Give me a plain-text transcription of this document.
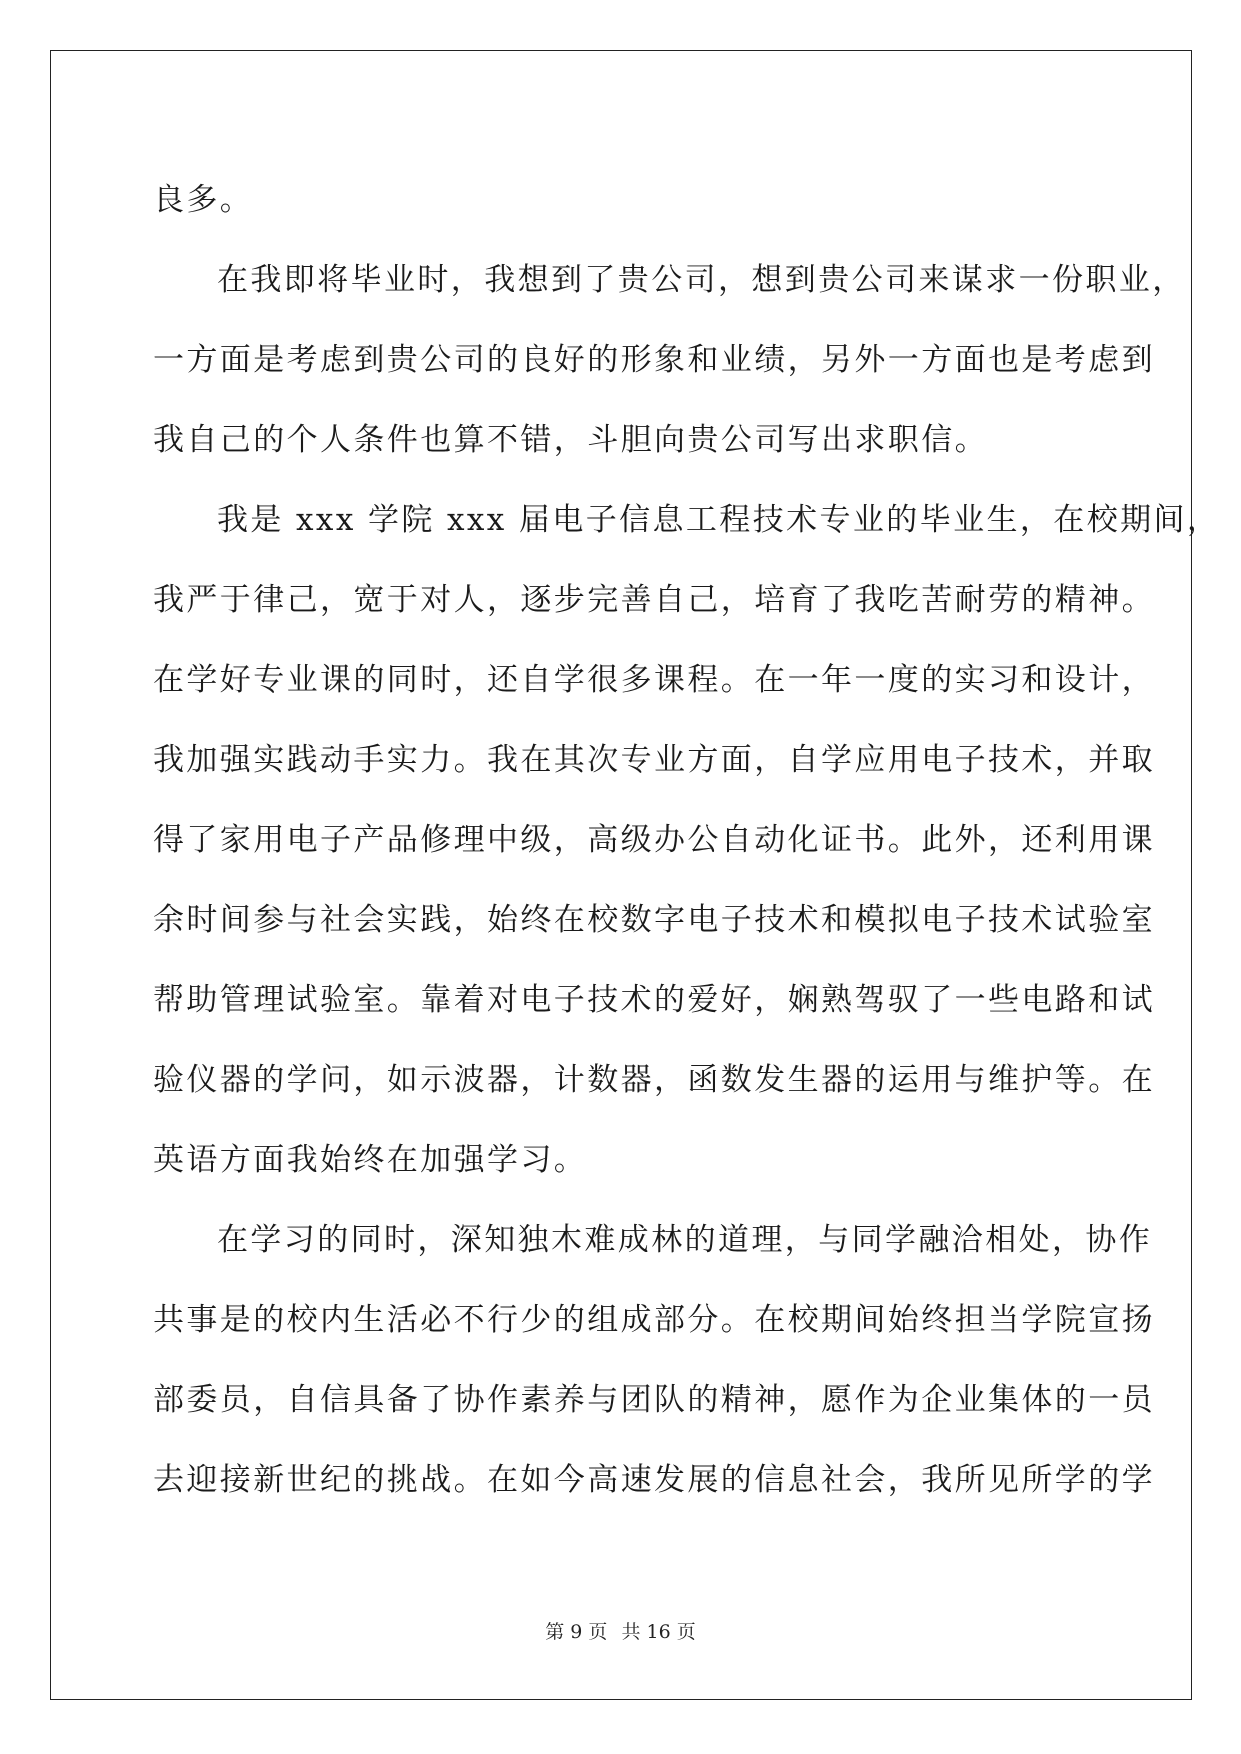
良多。
在我即将毕业时，我想到了贵公司，想到贵公司来谋求一份职业，
一方面是考虑到贵公司的良好的形象和业绩，另外一方面也是考虑到
我自己的个人条件也算不错，斗胆向贵公司写出求职信。
我是 xxx 学院 xxx 届电子信息工程技术专业的毕业生，在校期间，
我严于律己，宽于对人，逐步完善自己，培育了我吃苦耐劳的精神。
在学好专业课的同时，还自学很多课程。在一年一度的实习和设计，
我加强实践动手实力。我在其次专业方面，自学应用电子技术，并取
得了家用电子产品修理中级，高级办公自动化证书。此外，还利用课
余时间参与社会实践，始终在校数字电子技术和模拟电子技术试验室
帮助管理试验室。靠着对电子技术的爱好，娴熟驾驭了一些电路和试
验仪器的学问，如示波器，计数器，函数发生器的运用与维护等。在
英语方面我始终在加强学习。
在学习的同时，深知独木难成林的道理，与同学融洽相处，协作
共事是的校内生活必不行少的组成部分。在校期间始终担当学院宣扬
部委员，自信具备了协作素养与团队的精神，愿作为企业集体的一员
去迎接新世纪的挑战。在如今高速发展的信息社会，我所见所学的学
第 9 页 共 16 页
